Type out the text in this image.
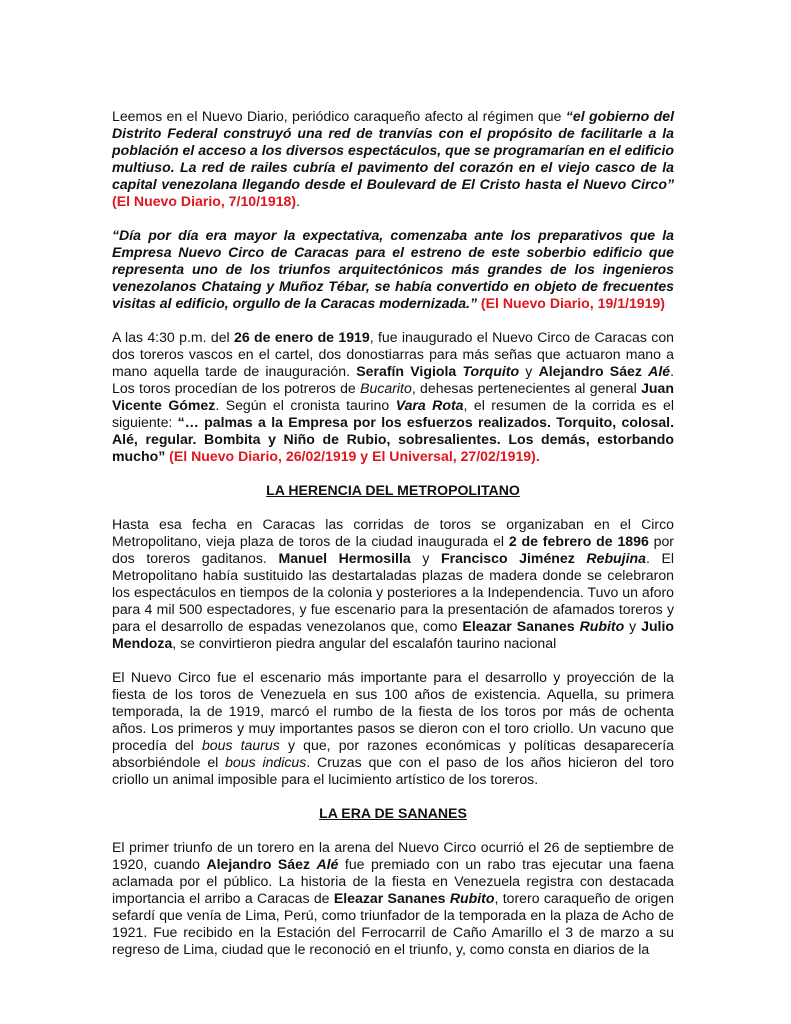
Leemos en el Nuevo Diario, periódico caraqueño afecto al régimen que “el gobierno del Distrito Federal construyó una red de tranvías con el propósito de facilitarle a la población el acceso a los diversos espectáculos, que se programarían en el edificio multiuso. La red de railes cubría el pavimento del corazón en el viejo casco de la capital venezolana llegando desde el Boulevard de El Cristo hasta el Nuevo Circo” (El Nuevo Diario, 7/10/1918).

“Día por día era mayor la expectativa, comenzaba ante los preparativos que la Empresa Nuevo Circo de Caracas para el estreno de este soberbio edificio que representa uno de los triunfos arquitectónicos más grandes de los ingenieros venezolanos Chataing y Muñoz Tébar, se había convertido en objeto de frecuentes visitas al edificio, orgullo de la Caracas modernizada.” (El Nuevo Diario, 19/1/1919)

A las 4:30 p.m. del 26 de enero de 1919, fue inaugurado el Nuevo Circo de Caracas con dos toreros vascos en el cartel, dos donostiarras para más señas que actuaron mano a mano aquella tarde de inauguración. Serafín Vigiola Torquito y Alejandro Sáez Alé. Los toros procedían de los potreros de Bucarito, dehesas pertenecientes al general Juan Vicente Gómez. Según el cronista taurino Vara Rota, el resumen de la corrida es el siguiente: “… palmas a la Empresa por los esfuerzos realizados. Torquito, colosal. Alé, regular. Bombita y Niño de Rubio, sobresalientes. Los demás, estorbando mucho” (El Nuevo Diario, 26/02/1919 y El Universal, 27/02/1919).

LA HERENCIA DEL METROPOLITANO

Hasta esa fecha en Caracas las corridas de toros se organizaban en el Circo Metropolitano, vieja plaza de toros de la ciudad inaugurada el 2 de febrero de 1896 por dos toreros gaditanos. Manuel Hermosilla y Francisco Jiménez Rebujina. El Metropolitano había sustituido las destartaladas plazas de madera donde se celebraron los espectáculos en tiempos de la colonia y posteriores a la Independencia. Tuvo un aforo para 4 mil 500 espectadores, y fue escenario para la presentación de afamados toreros y para el desarrollo de espadas venezolanos que, como Eleazar Sananes Rubito y Julio Mendoza, se convirtieron piedra angular del escalafón taurino nacional

El Nuevo Circo fue el escenario más importante para el desarrollo y proyección de la fiesta de los toros de Venezuela en sus 100 años de existencia. Aquella, su primera temporada, la de 1919, marcó el rumbo de la fiesta de los toros por más de ochenta años. Los primeros y muy importantes pasos se dieron con el toro criollo. Un vacuno que procedía del bous taurus y que, por razones económicas y políticas desaparecería absorbiéndole el bous indicus. Cruzas que con el paso de los años hicieron del toro criollo un animal imposible para el lucimiento artístico de los toreros.

LA ERA DE SANANES

El primer triunfo de un torero en la arena del Nuevo Circo ocurrió el 26 de septiembre de 1920, cuando Alejandro Sáez Alé fue premiado con un rabo tras ejecutar una faena aclamada por el público. La historia de la fiesta en Venezuela registra con destacada importancia el arribo a Caracas de Eleazar Sananes Rubito, torero caraqueño de origen sefardí que venía de Lima, Perú, como triunfador de la temporada en la plaza de Acho de 1921. Fue recibido en la Estación del Ferrocarril de Caño Amarillo el 3 de marzo a su regreso de Lima, ciudad que le reconoció en el triunfo, y, como consta en diarios de la
